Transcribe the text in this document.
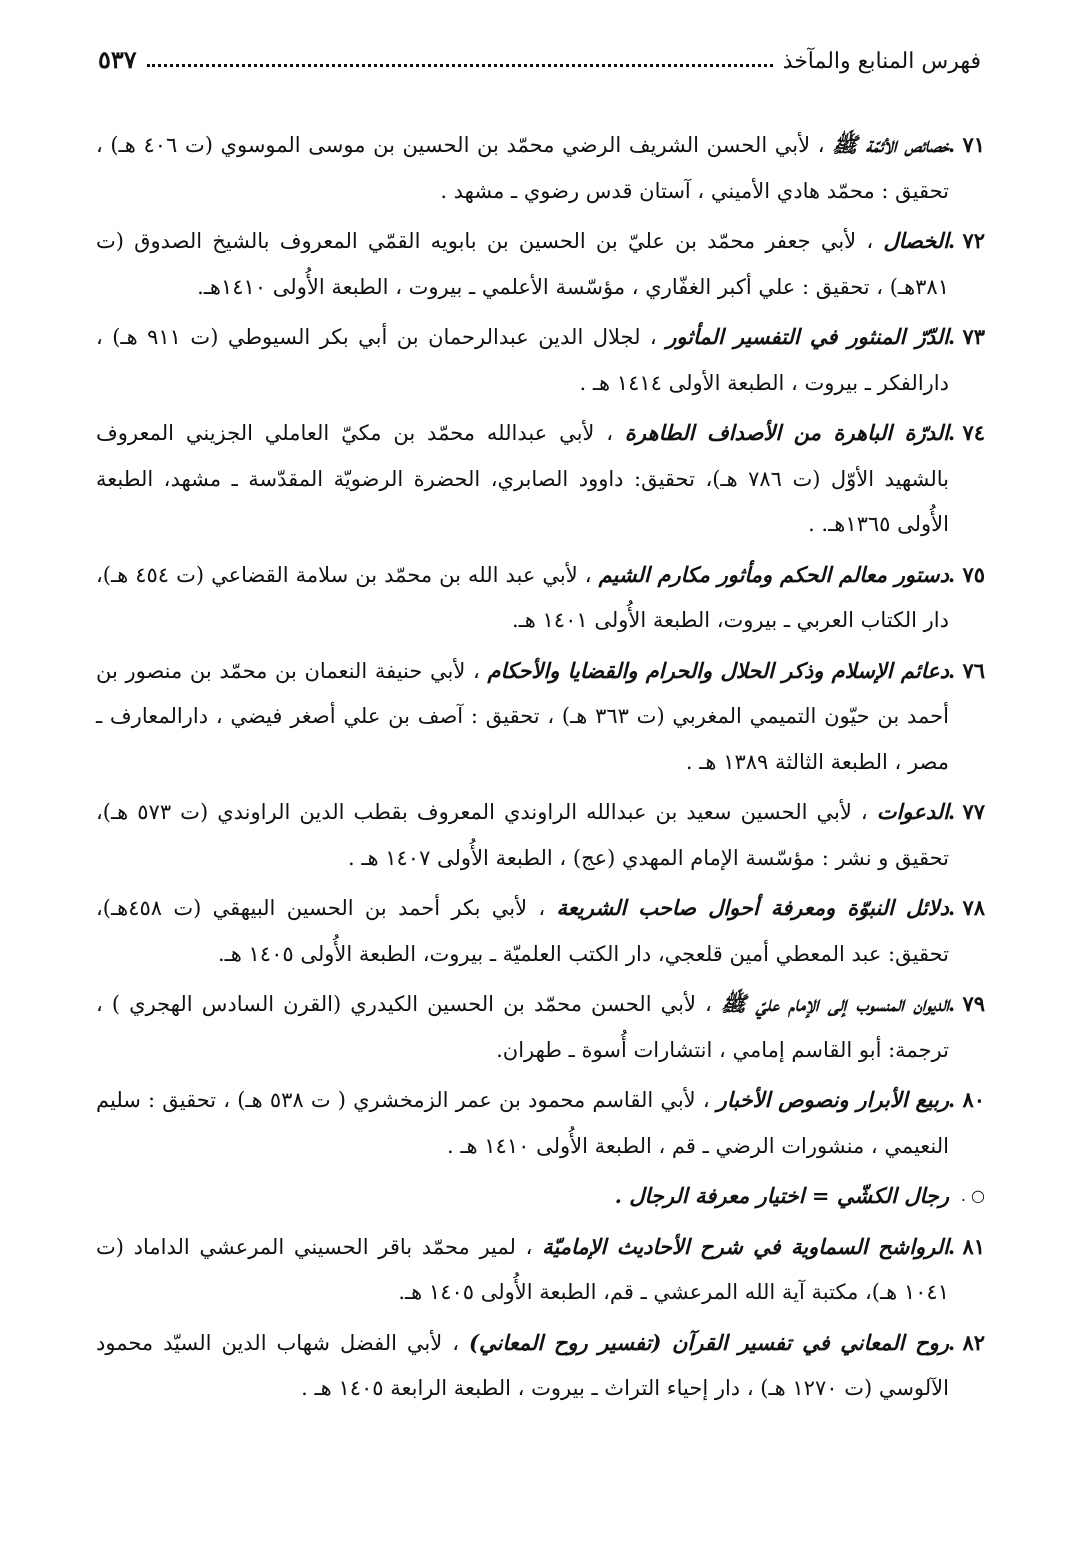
فهرس المنابع والمآخذ
٥٣٧
٧١ .
خصائص الأئمّة ﷺ ، لأبي الحسن الشريف الرضي محمّد بن الحسين بن موسى الموسوي (ت ٤٠٦ هـ) ، تحقيق : محمّد هادي الأميني ، آستان قدس رضوي ـ مشهد .
٧٢ .
الخصال ، لأبي جعفر محمّد بن عليّ بن الحسين بن بابويه القمّي المعروف بالشيخ الصدوق (ت ٣٨١هـ) ، تحقيق : علي أكبر الغفّاري ، مؤسّسة الأعلمي ـ بيروت ، الطبعة الأُولى ١٤١٠هـ.
٧٣ .
الدّرّ المنثور في التفسير المأثور ، لجلال الدين عبدالرحمان بن أبي بكر السيوطي (ت ٩١١ هـ) ، دارالفكر ـ بيروت ، الطبعة الأولى ١٤١٤ هـ .
٧٤ .
الدرّة الباهرة من الأصداف الطاهرة ، لأبي عبدالله محمّد بن مكيّ العاملي الجزيني المعروف بالشهيد الأوّل (ت ٧٨٦ هـ)، تحقيق: داوود الصابري، الحضرة الرضويّة المقدّسة ـ مشهد، الطبعة الأُولى ١٣٦٥هـ. .
٧٥ .
دستور معالم الحكم ومأثور مكارم الشيم ، لأبي عبد الله بن محمّد بن سلامة القضاعي (ت ٤٥٤ هـ)، دار الكتاب العربي ـ بيروت، الطبعة الأُولى ١٤٠١ هـ.
٧٦ .
دعائم الإسلام وذكر الحلال والحرام والقضايا والأحكام ، لأبي حنيفة النعمان بن محمّد بن منصور بن أحمد بن حيّون التميمي المغربي (ت ٣٦٣ هـ) ، تحقيق : آصف بن علي أصغر فيضي ، دارالمعارف ـ مصر ، الطبعة الثالثة ١٣٨٩ هـ .
٧٧ .
الدعوات ، لأبي الحسين سعيد بن عبدالله الراوندي المعروف بقطب الدين الراوندي (ت ٥٧٣ هـ)، تحقيق و نشر : مؤسّسة الإمام المهدي (عج) ، الطبعة الأُولى ١٤٠٧ هـ .
٧٨ .
دلائل النبوّة ومعرفة أحوال صاحب الشريعة ، لأبي بكر أحمد بن الحسين البيهقي (ت ٤٥٨هـ)، تحقيق: عبد المعطي أمين قلعجي، دار الكتب العلميّة ـ بيروت، الطبعة الأُولى ١٤٠٥ هـ.
٧٩ .
الديوان المنسوب إلى الإمام عليّ ﷺ ، لأبي الحسن محمّد بن الحسين الكيدري (القرن السادس الهجري ) ، ترجمة: أبو القاسم إمامي ، انتشارات أُسوة ـ طهران.
٨٠ .
ربيع الأبرار ونصوص الأخبار ، لأبي القاسم محمود بن عمر الزمخشري ( ت ٥٣٨ هـ) ، تحقيق : سليم النعيمي ، منشورات الرضي ـ قم ، الطبعة الأُولى ١٤١٠ هـ .
○ .
رجال الكشّي = اختيار معرفة الرجال .
٨١ .
الرواشح السماوية في شرح الأحاديث الإماميّة ، لمير محمّد باقر الحسيني المرعشي الداماد (ت ١٠٤١ هـ)، مكتبة آية الله المرعشي ـ قم، الطبعة الأُولى ١٤٠٥ هـ.
٨٢ .
روح المعاني في تفسير القرآن (تفسير روح المعاني) ، لأبي الفضل شهاب الدين السيّد محمود الآلوسي (ت ١٢٧٠ هـ) ، دار إحياء التراث ـ بيروت ، الطبعة الرابعة ١٤٠٥ هـ .
